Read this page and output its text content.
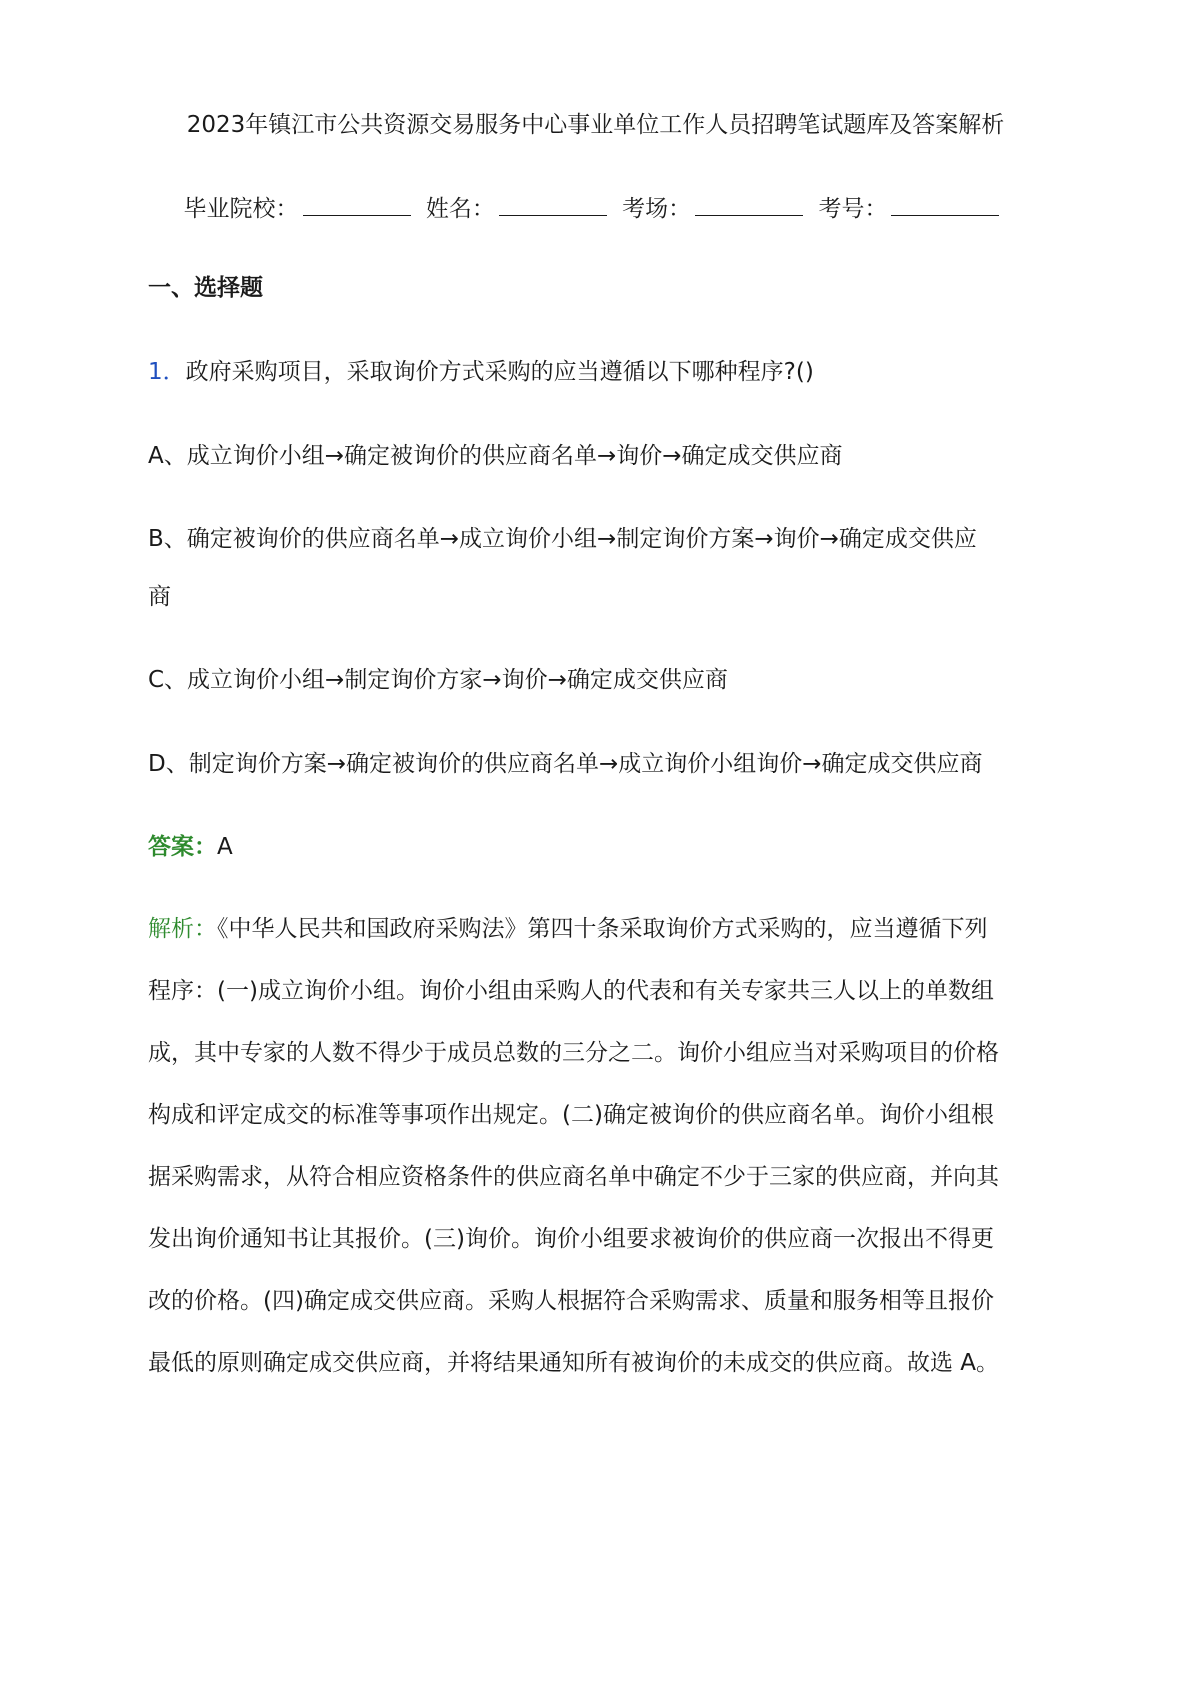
2023年镇江市公共资源交易服务中心事业单位工作人员招聘笔试题库及答案解析
毕业院校：	姓名：	考场：	考号：
一、选择题
1．政府采购项目，采取询价方式采购的应当遵循以下哪种程序?()
A、成立询价小组→确定被询价的供应商名单→询价→确定成交供应商
B、确定被询价的供应商名单→成立询价小组→制定询价方案→询价→确定成交供应
商
C、成立询价小组→制定询价方家→询价→确定成交供应商
D、制定询价方案→确定被询价的供应商名单→成立询价小组询价→确定成交供应商
答案：A
解析：《中华人民共和国政府采购法》第四十条采取询价方式采购的，应当遵循下列
程序：(一)成立询价小组。询价小组由采购人的代表和有关专家共三人以上的单数组
成，其中专家的人数不得少于成员总数的三分之二。询价小组应当对采购项目的价格
构成和评定成交的标准等事项作出规定。(二)确定被询价的供应商名单。询价小组根
据采购需求，从符合相应资格条件的供应商名单中确定不少于三家的供应商，并向其
发出询价通知书让其报价。(三)询价。询价小组要求被询价的供应商一次报出不得更
改的价格。(四)确定成交供应商。采购人根据符合采购需求、质量和服务相等且报价
最低的原则确定成交供应商，并将结果通知所有被询价的未成交的供应商。故选 A。
